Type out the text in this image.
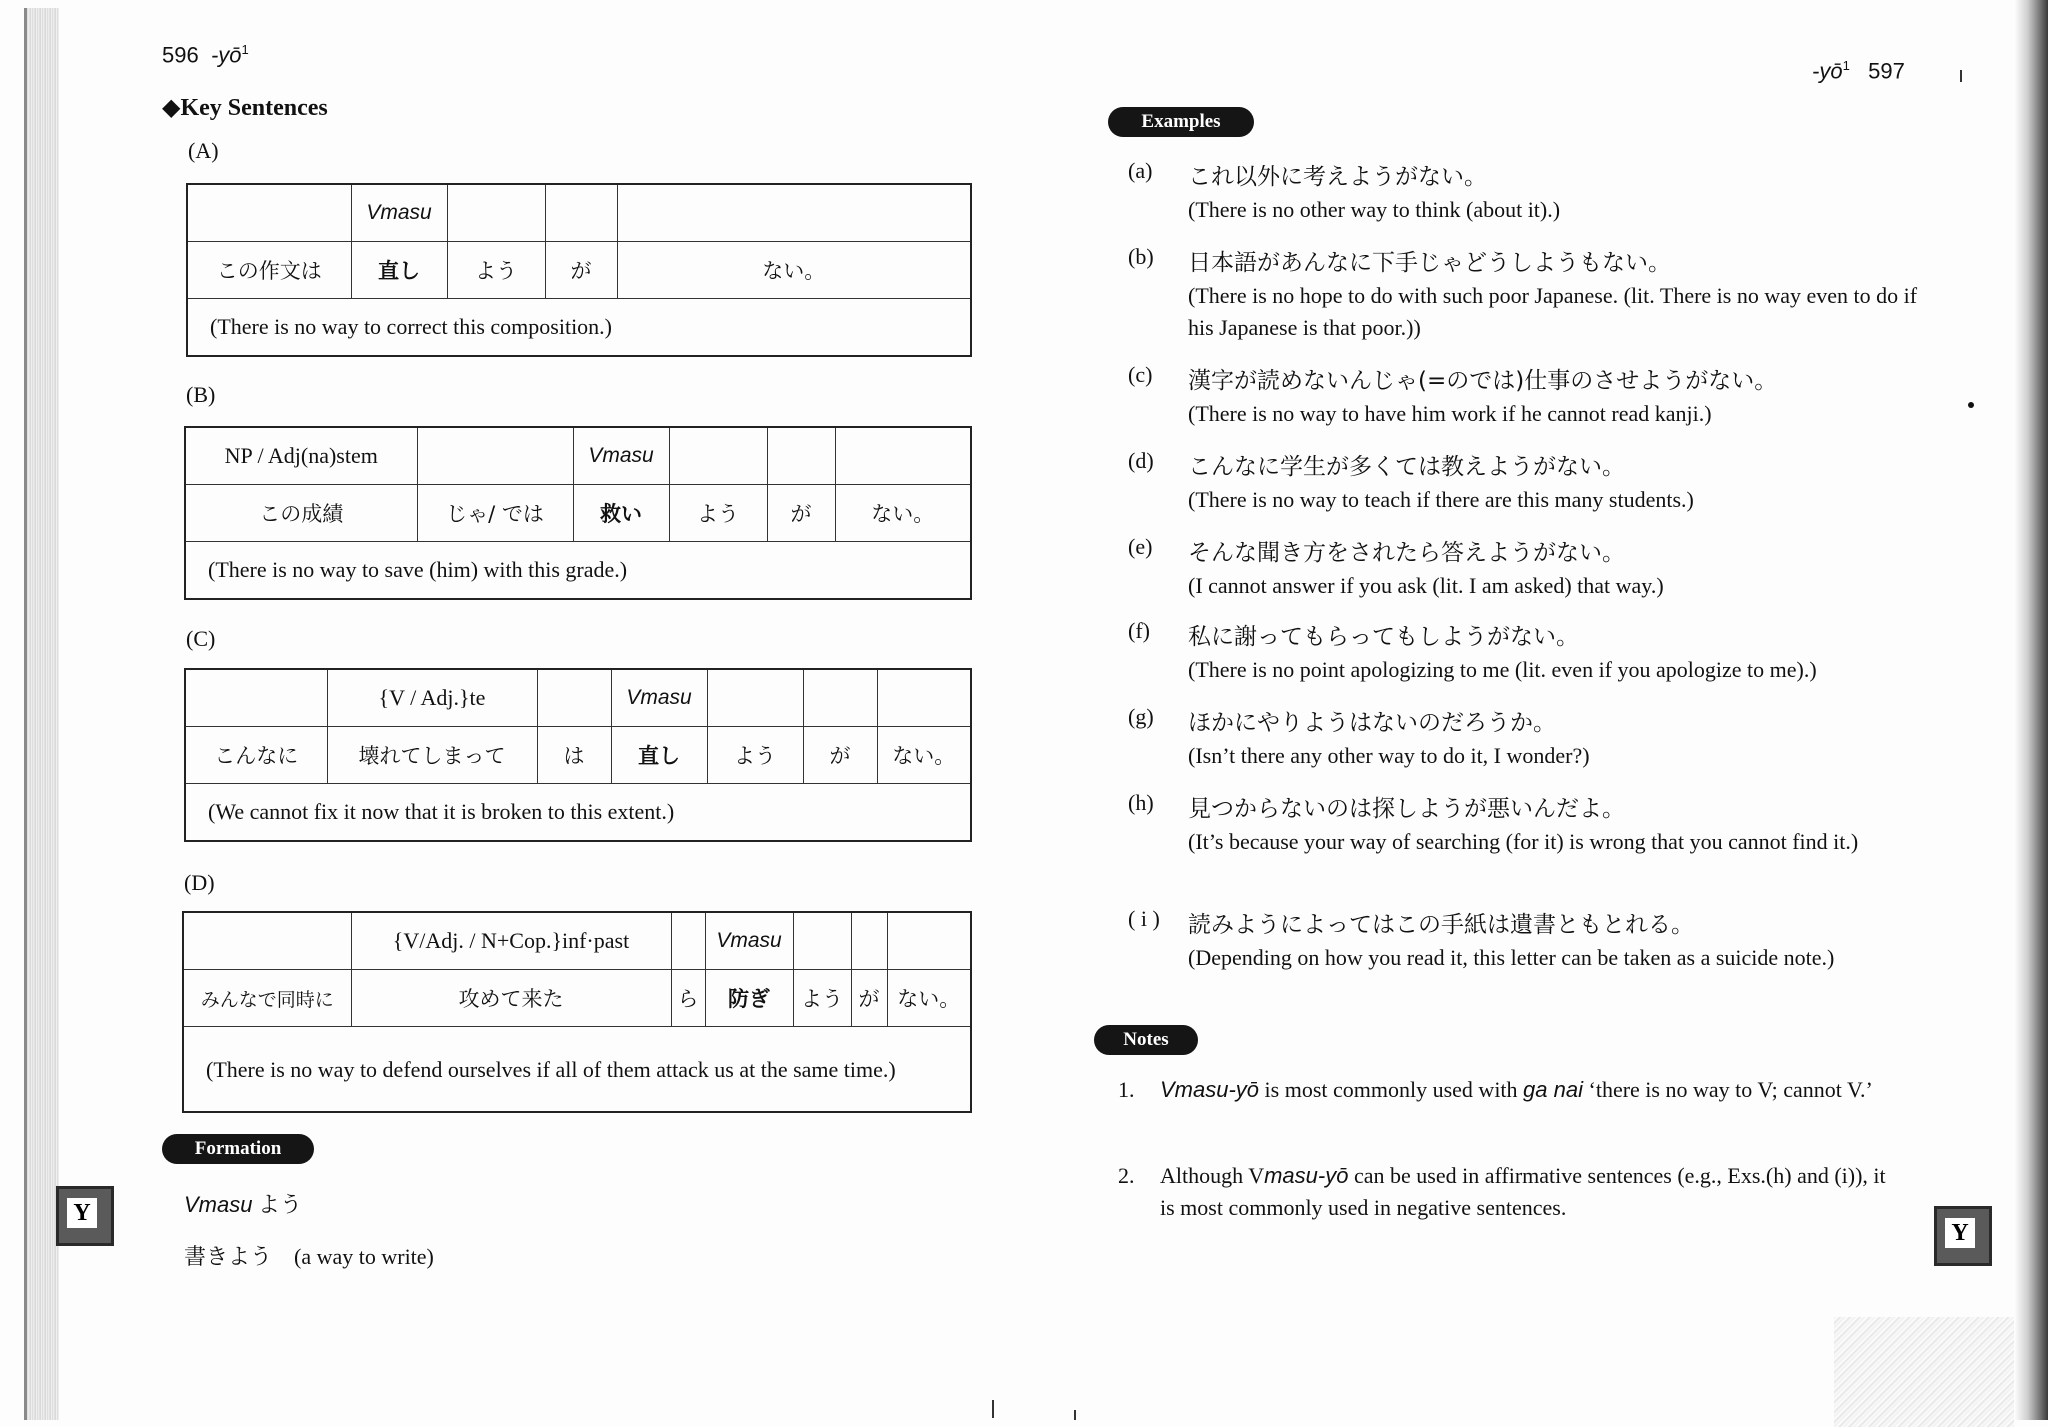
596 $-yō^1$
◆Key Sentences
(A)
	Vmasu			
この作文は	直し	よう	が	ない。
(There is no way to correct this composition.)				
(B)
NP / Adj(na)stem		Vmasu			
この成績	じゃ/ では	救い	よう	が	ない。
(There is no way to save (him) with this grade.)					
(C)
	{V / Adj.}te		Vmasu			
こんなに	壊れてしまって	は	直し	よう	が	ない。
(We cannot fix it now that it is broken to this extent.)						
(D)
	{V/Adj. / N+Cop.}inf·past		Vmasu			
みんなで同時に	攻めて来た	ら	防ぎ	よう	が	ない。
(There is no way to defend ourselves if all of them attack us at the same time.)						
Formation
Vmasu よう
書きよう　(a way to write)
Y
$-yō^1$ 597
Examples
(a) これ以外に考えようがない。
(There is no other way to think (about it).)
(b) 日本語があんなに下手じゃどうしようもない。
(There is no hope to do with such poor Japanese. (lit. There is no way even to do if his Japanese is that poor.))
(c) 漢字が読めないんじゃ(=のでは)仕事のさせようがない。
(There is no way to have him work if he cannot read kanji.)
(d) こんなに学生が多くては教えようがない。
(There is no way to teach if there are this many students.)
(e) そんな聞き方をされたら答えようがない。
(I cannot answer if you ask (lit. I am asked) that way.)
(f) 私に謝ってもらってもしようがない。
(There is no point apologizing to me (lit. even if you apologize to me).)
(g) ほかにやりようはないのだろうか。
(Isn’t there any other way to do it, I wonder?)
(h) 見つからないのは探しようが悪いんだよ。
(It’s because your way of searching (for it) is wrong that you cannot find it.)
( i ) 読みようによってはこの手紙は遺書ともとれる。
(Depending on how you read it, this letter can be taken as a suicide note.)
Notes
1. Vmasu-yō is most commonly used with ga nai ‘there is no way to V; cannot V.’
2. Although Vmasu-yō can be used in affirmative sentences (e.g., Exs.(h) and (i)), it is most commonly used in negative sentences.
Y
